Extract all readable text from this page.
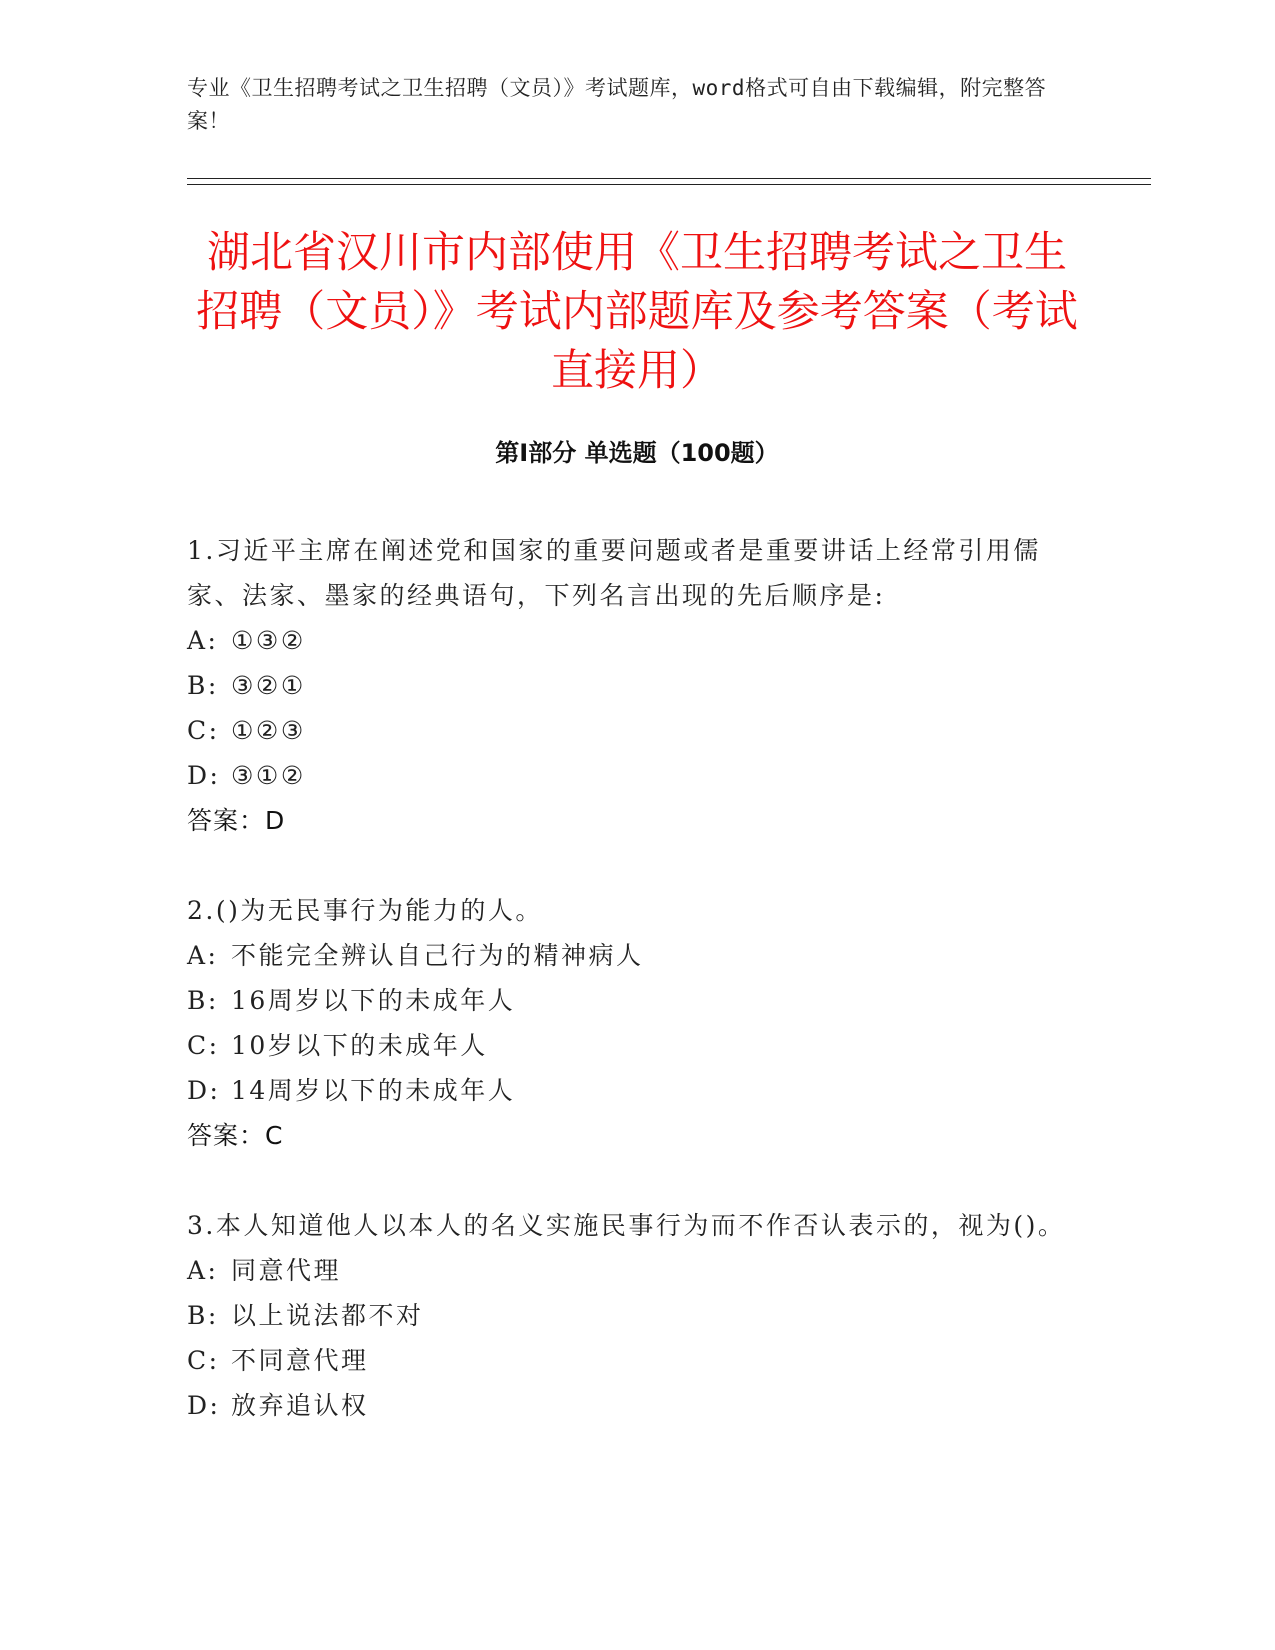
专业《卫生招聘考试之卫生招聘（文员）》考试题库，word格式可自由下载编辑，附完整答案！
湖北省汉川市内部使用《卫生招聘考试之卫生招聘（文员）》考试内部题库及参考答案（考试直接用）
第Ⅰ部分 单选题（100题）

1.习近平主席在阐述党和国家的重要问题或者是重要讲话上经常引用儒家、法家、墨家的经典语句，下列名言出现的先后顺序是:

A: ①③②

B: ③②①

C: ①②③

D: ③①②

答案：D

2.()为无民事行为能力的人。

A: 不能完全辨认自己行为的精神病人

B: 16周岁以下的未成年人

C: 10岁以下的未成年人

D: 14周岁以下的未成年人

答案：C

3.本人知道他人以本人的名义实施民事行为而不作否认表示的，视为()。

A: 同意代理

B: 以上说法都不对

C: 不同意代理

D: 放弃追认权
